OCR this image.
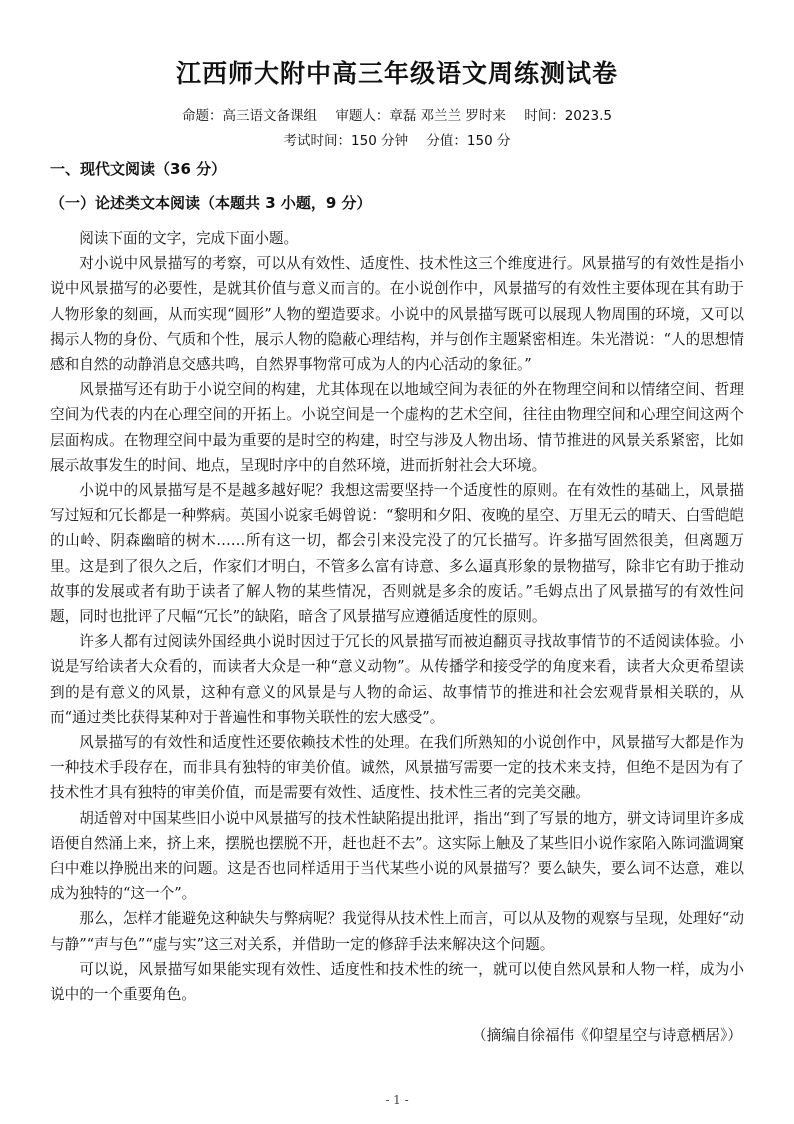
江西师大附中高三年级语文周练测试卷
命题：高三语文备课组 审题人：章磊 邓兰兰 罗时来 时间：2023.5
考试时间：150 分钟 分值：150 分
一、现代文阅读（36 分）
（一）论述类文本阅读（本题共 3 小题，9 分）

阅读下面的文字，完成下面小题。

对小说中风景描写的考察，可以从有效性、适度性、技术性这三个维度进行。风景描写的有效性是指小说中风景描写的必要性，是就其价值与意义而言的。在小说创作中，风景描写的有效性主要体现在其有助于人物形象的刻画，从而实现“圆形”人物的塑造要求。小说中的风景描写既可以展现人物周围的环境，又可以揭示人物的身份、气质和个性，展示人物的隐蔽心理结构，并与创作主题紧密相连。朱光潜说：“人的思想情感和自然的动静消息交感共鸣，自然界事物常可成为人的内心活动的象征。”

风景描写还有助于小说空间的构建，尤其体现在以地域空间为表征的外在物理空间和以情绪空间、哲理空间为代表的内在心理空间的开拓上。小说空间是一个虚构的艺术空间，往往由物理空间和心理空间这两个层面构成。在物理空间中最为重要的是时空的构建，时空与涉及人物出场、情节推进的风景关系紧密，比如展示故事发生的时间、地点，呈现时序中的自然环境，进而折射社会大环境。

小说中的风景描写是不是越多越好呢？我想这需要坚持一个适度性的原则。在有效性的基础上，风景描写过短和冗长都是一种弊病。英国小说家毛姆曾说：“黎明和夕阳、夜晚的星空、万里无云的晴天、白雪皑皑的山岭、阴森幽暗的树木……所有这一切，都会引来没完没了的冗长描写。许多描写固然很美，但离题万里。这是到了很久之后，作家们才明白，不管多么富有诗意、多么逼真形象的景物描写，除非它有助于推动故事的发展或者有助于读者了解人物的某些情况，否则就是多余的废话。”毛姆点出了风景描写的有效性问题，同时也批评了尺幅“冗长”的缺陷，暗含了风景描写应遵循适度性的原则。

许多人都有过阅读外国经典小说时因过于冗长的风景描写而被迫翻页寻找故事情节的不适阅读体验。小说是写给读者大众看的，而读者大众是一种“意义动物”。从传播学和接受学的角度来看，读者大众更希望读到的是有意义的风景，这种有意义的风景是与人物的命运、故事情节的推进和社会宏观背景相关联的，从而“通过类比获得某种对于普遍性和事物关联性的宏大感受”。

风景描写的有效性和适度性还要依赖技术性的处理。在我们所熟知的小说创作中，风景描写大都是作为一种技术手段存在，而非具有独特的审美价值。诚然，风景描写需要一定的技术来支持，但绝不是因为有了技术性才具有独特的审美价值，而是需要有效性、适度性、技术性三者的完美交融。

胡适曾对中国某些旧小说中风景描写的技术性缺陷提出批评，指出“到了写景的地方，骈文诗词里许多成语便自然涌上来，挤上来，摆脱也摆脱不开，赶也赶不去”。这实际上触及了某些旧小说作家陷入陈词滥调窠臼中难以挣脱出来的问题。这是否也同样适用于当代某些小说的风景描写？要么缺失，要么词不达意，难以成为独特的“这一个”。

那么，怎样才能避免这种缺失与弊病呢？我觉得从技术性上而言，可以从及物的观察与呈现，处理好“动与静”“声与色”“虚与实”这三对关系，并借助一定的修辞手法来解决这个问题。

可以说，风景描写如果能实现有效性、适度性和技术性的统一，就可以使自然风景和人物一样，成为小说中的一个重要角色。

（摘编自徐福伟《仰望星空与诗意栖居》）
- 1 -
